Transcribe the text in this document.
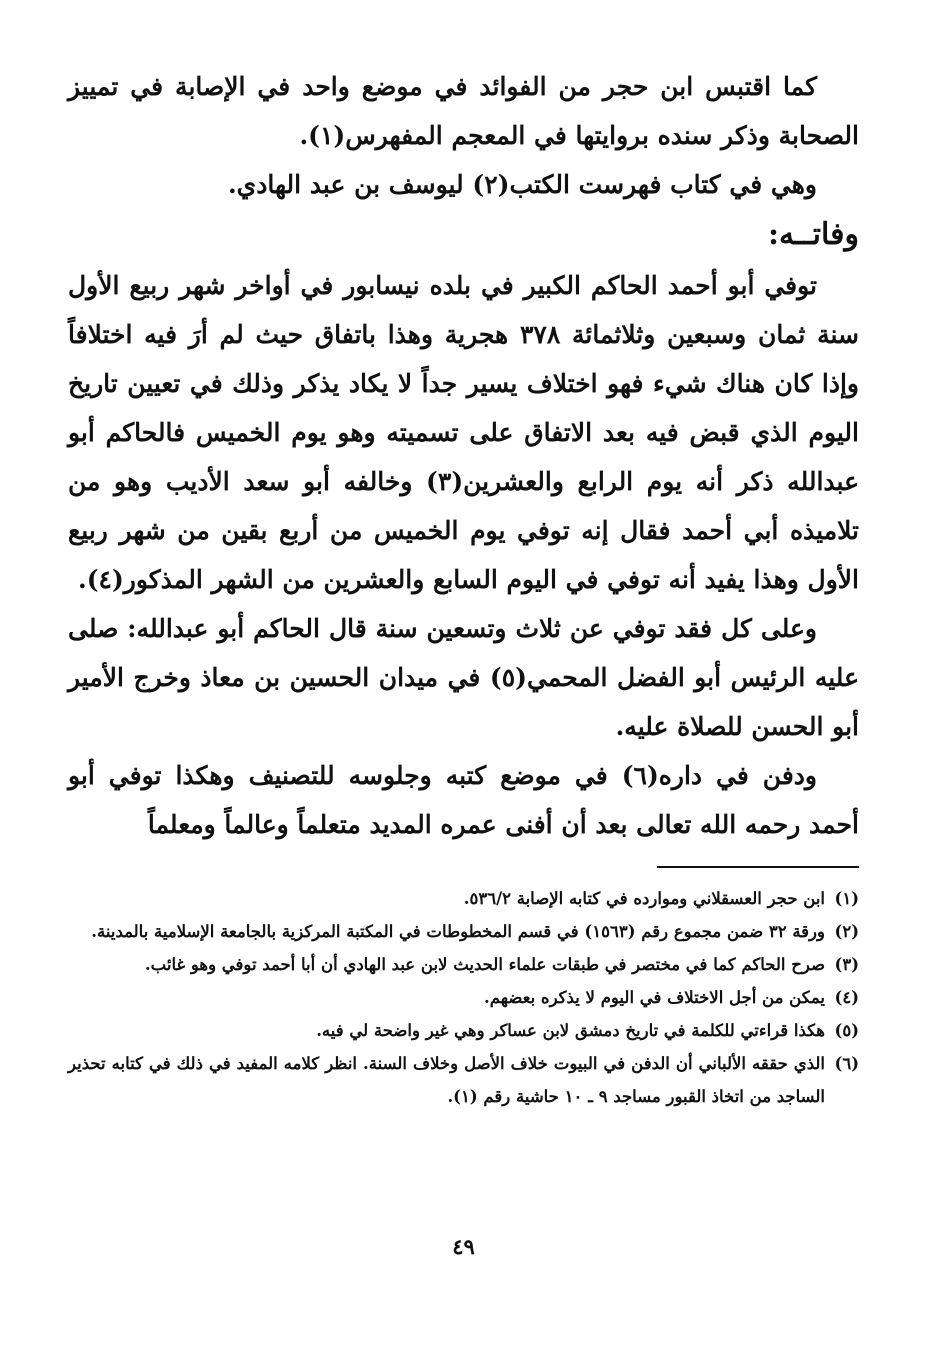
كما اقتبس ابن حجر من الفوائد في موضع واحد في الإصابة في تمييز الصحابة وذكر سنده بروايتها في المعجم المفهرس(١).

وهي في كتاب فهرست الكتب(٢) ليوسف بن عبد الهادي.

وفاتــه:

توفي أبو أحمد الحاكم الكبير في بلده نيسابور في أواخر شهر ربيع الأول سنة ثمان وسبعين وثلاثمائة ٣٧٨ هجرية وهذا باتفاق حيث لم أرَ فيه اختلافاً وإذا كان هناك شيء فهو اختلاف يسير جداً لا يكاد يذكر وذلك في تعيين تاريخ اليوم الذي قبض فيه بعد الاتفاق على تسميته وهو يوم الخميس فالحاكم أبو عبدالله ذكر أنه يوم الرابع والعشرين(٣) وخالفه أبو سعد الأديب وهو من تلاميذه أبي أحمد فقال إنه توفي يوم الخميس من أربع بقين من شهر ربيع الأول وهذا يفيد أنه توفي في اليوم السابع والعشرين من الشهر المذكور(٤).

وعلى كل فقد توفي عن ثلاث وتسعين سنة قال الحاكم أبو عبدالله: صلى عليه الرئيس أبو الفضل المحمي(٥) في ميدان الحسين بن معاذ وخرج الأمير أبو الحسن للصلاة عليه.

ودفن في داره(٦) في موضع كتبه وجلوسه للتصنيف وهكذا توفي أبو أحمد رحمه الله تعالى بعد أن أفنى عمره المديد متعلماً وعالماً ومعلماً

(١)
ابن حجر العسقلاني وموارده في كتابه الإصابة ٥٣٦/٢.
(٢)
ورقة ٣٢ ضمن مجموع رقم (١٥٦٣) في قسم المخطوطات في المكتبة المركزية بالجامعة الإسلامية بالمدينة.
(٣)
صرح الحاكم كما في مختصر في طبقات علماء الحديث لابن عبد الهادي أن أبا أحمد توفي وهو غائب.
(٤)
يمكن من أجل الاختلاف في اليوم لا يذكره بعضهم.
(٥)
هكذا قراءتي للكلمة في تاريخ دمشق لابن عساكر وهي غير واضحة لي فيه.
(٦)
الذي حققه الألباني أن الدفن في البيوت خلاف الأصل وخلاف السنة. انظر كلامه المفيد في ذلك في كتابه تحذير الساجد من اتخاذ القبور مساجد ٩ ـ ١٠ حاشية رقم (١).
٤٩
